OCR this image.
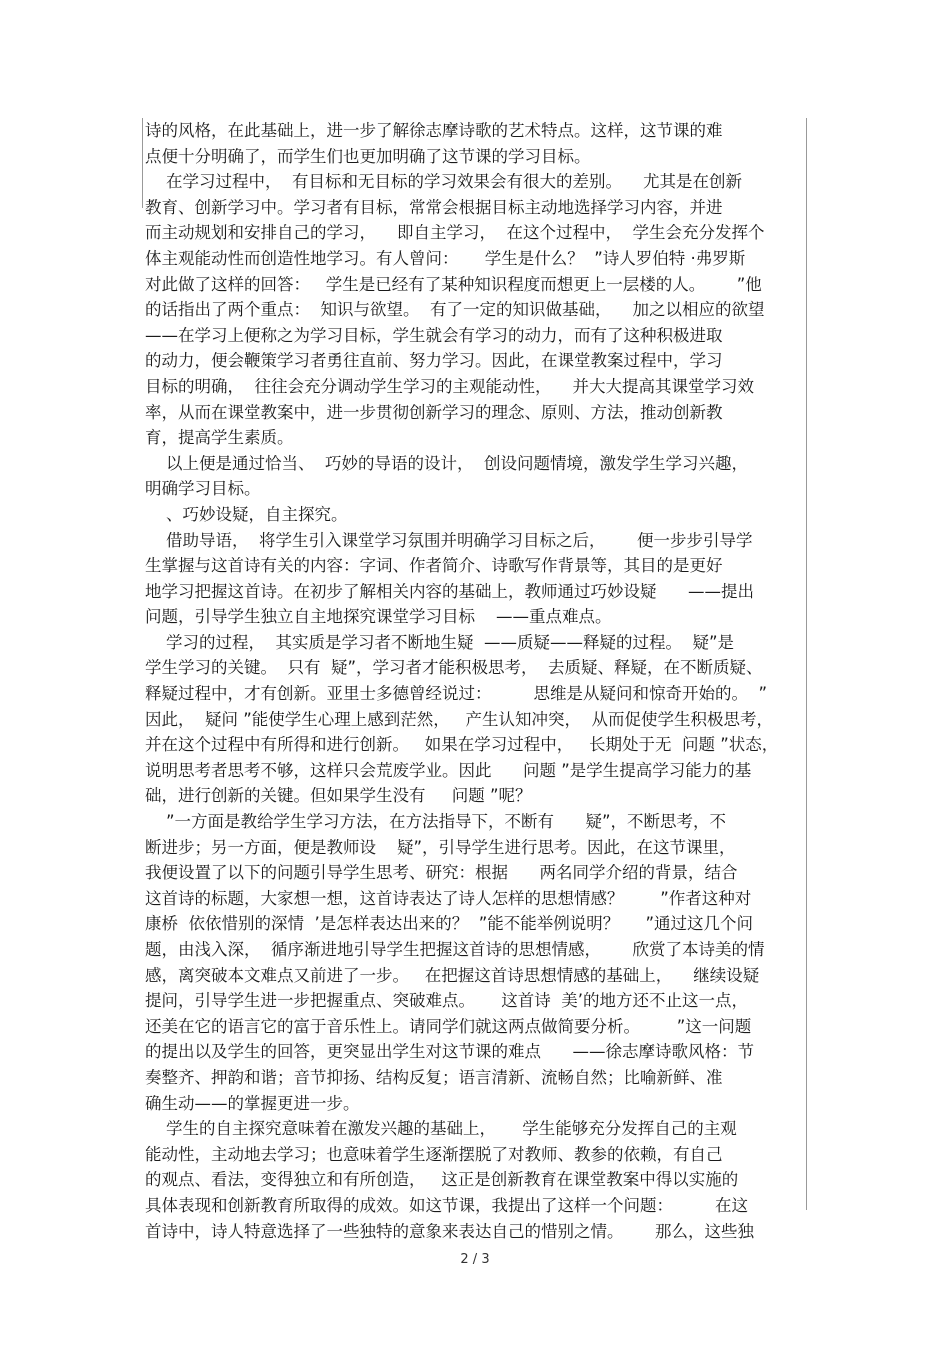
诗的风格，在此基础上，进一步了解徐志摩诗歌的艺术特点。这样，这节课的难
点便十分明确了，而学生们也更加明确了这节课的学习目标。
在学习过程中，  有目标和无目标的学习效果会有很大的差别。    尤其是在创新
教育、创新学习中。学习者有目标，常常会根据目标主动地选择学习内容，并进
而主动规划和安排自己的学习，    即自主学习，  在这个过程中，  学生会充分发挥个
体主观能动性而创造性地学习。有人曾问：     学生是什么？  ”诗人罗伯特 ·弗罗斯
对此做了这样的回答：   学生是已经有了某种知识程度而想更上一层楼的人。      ”他
的话指出了两个重点：  知识与欲望。  有了一定的知识做基础，    加之以相应的欲望
——在学习上便称之为学习目标，学生就会有学习的动力，而有了这种积极进取
的动力，便会鞭策学习者勇往直前、努力学习。因此，在课堂教案过程中，学习
目标的明确，  往往会充分调动学生学习的主观能动性，    并大大提高其课堂学习效
率，从而在课堂教案中，进一步贯彻创新学习的理念、原则、方法，推动创新教
育，提高学生素质。
以上便是通过恰当、  巧妙的导语的设计，  创设问题情境，激发学生学习兴趣，
明确学习目标。
、巧妙设疑，自主探究。
借助导语，  将学生引入课堂学习氛围并明确学习目标之后，      便一步步引导学
生掌握与这首诗有关的内容：字词、作者简介、诗歌写作背景等，其目的是更好
地学习把握这首诗。在初步了解相关内容的基础上，教师通过巧妙设疑      ——提出
问题，引导学生独立自主地探究课堂学习目标    ——重点难点。
学习的过程，  其实质是学习者不断地生疑  ——质疑——释疑的过程。  疑”是
学生学习的关键。  只有  疑”，学习者才能积极思考，  去质疑、释疑，在不断质疑、
释疑过程中，才有创新。亚里士多德曾经说过：        思维是从疑问和惊奇开始的。  ”
因此，  疑问 ”能使学生心理上感到茫然，   产生认知冲突，  从而促使学生积极思考，
并在这个过程中有所得和进行创新。   如果在学习过程中，   长期处于无  问题 ”状态，
说明思考者思考不够，这样只会荒废学业。因此      问题 ”是学生提高学习能力的基
础，进行创新的关键。但如果学生没有     问题 ”呢？
”一方面是教给学生学习方法，在方法指导下，不断有      疑”，不断思考，不
断进步；另一方面，便是教师设    疑”，引导学生进行思考。因此，在这节课里，
我便设置了以下的问题引导学生思考、研究：根据      两名同学介绍的背景，结合
这首诗的标题，大家想一想，这首诗表达了诗人怎样的思想情感？       ”作者这种对
康桥  依依惜别的深情  ’是怎样表达出来的？  ”能不能举例说明？     ”通过这几个问
题，由浅入深，  循序渐进地引导学生把握这首诗的思想情感，      欣赏了本诗美的情
感，离突破本文难点又前进了一步。   在把握这首诗思想情感的基础上，    继续设疑
提问，引导学生进一步把握重点、突破难点。     这首诗  美’的地方还不止这一点，
还美在它的语言它的富于音乐性上。请同学们就这两点做简要分析。       ”这一问题
的提出以及学生的回答，更突显出学生对这节课的难点      ——徐志摩诗歌风格：节
奏整齐、押韵和谐；音节抑扬、结构反复；语言清新、流畅自然；比喻新鲜、准
确生动——的掌握更进一步。
学生的自主探究意味着在激发兴趣的基础上，     学生能够充分发挥自己的主观
能动性，主动地去学习；也意味着学生逐渐摆脱了对教师、教参的依赖，有自己
的观点、看法，变得独立和有所创造，   这正是创新教育在课堂教案中得以实施的
具体表现和创新教育所取得的成效。如这节课，我提出了这样一个问题：        在这
首诗中，诗人特意选择了一些独特的意象来表达自己的惜别之情。      那么，这些独
2 / 3
